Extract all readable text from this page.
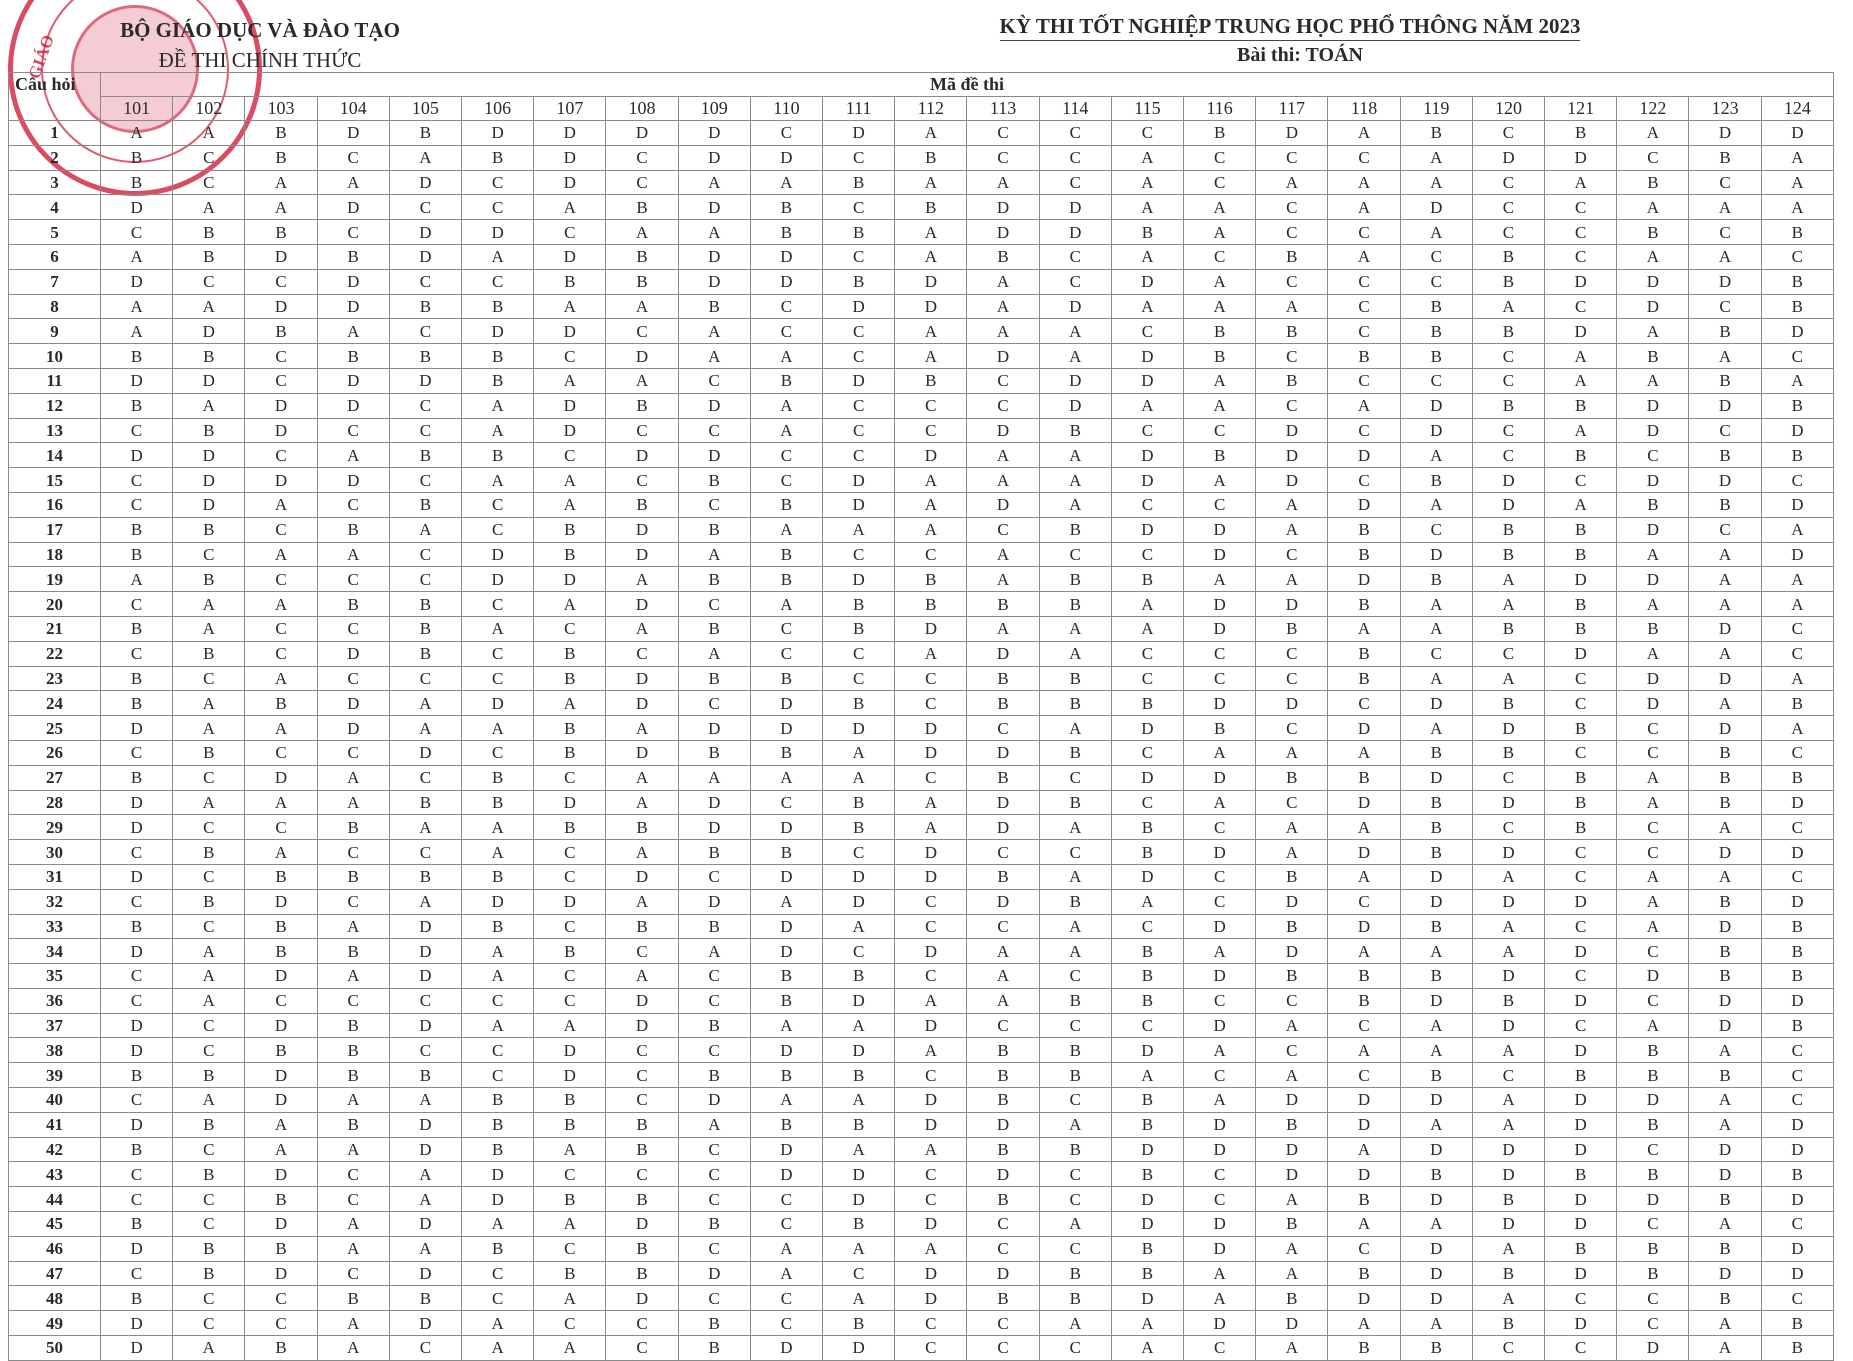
GIÁO
BỘ GIÁO DỤC VÀ ĐÀO TẠO
ĐỀ THI CHÍNH THỨC
KỲ THI TỐT NGHIỆP TRUNG HỌC PHỔ THÔNG NĂM 2023
Bài thi: TOÁN
Câu hỏi	Mã đề thi																							
	101	102	103	104	105	106	107	108	109	110	111	112	113	114	115	116	117	118	119	120	121	122	123	124
1	A	A	B	D	B	D	D	D	D	C	D	A	C	C	C	B	D	A	B	C	B	A	D	D
2	B	C	B	C	A	B	D	C	D	D	C	B	C	C	A	C	C	C	A	D	D	C	B	A
3	B	C	A	A	D	C	D	C	A	A	B	A	A	C	A	C	A	A	A	C	A	B	C	A
4	D	A	A	D	C	C	A	B	D	B	C	B	D	D	A	A	C	A	D	C	C	A	A	A
5	C	B	B	C	D	D	C	A	A	B	B	A	D	D	B	A	C	C	A	C	C	B	C	B
6	A	B	D	B	D	A	D	B	D	D	C	A	B	C	A	C	B	A	C	B	C	A	A	C
7	D	C	C	D	C	C	B	B	D	D	B	D	A	C	D	A	C	C	C	B	D	D	D	B
8	A	A	D	D	B	B	A	A	B	C	D	D	A	D	A	A	A	C	B	A	C	D	C	B
9	A	D	B	A	C	D	D	C	A	C	C	A	A	A	C	B	B	C	B	B	D	A	B	D
10	B	B	C	B	B	B	C	D	A	A	C	A	D	A	D	B	C	B	B	C	A	B	A	C
11	D	D	C	D	D	B	A	A	C	B	D	B	C	D	D	A	B	C	C	C	A	A	B	A
12	B	A	D	D	C	A	D	B	D	A	C	C	C	D	A	A	C	A	D	B	B	D	D	B
13	C	B	D	C	C	A	D	C	C	A	C	C	D	B	C	C	D	C	D	C	A	D	C	D
14	D	D	C	A	B	B	C	D	D	C	C	D	A	A	D	B	D	D	A	C	B	C	B	B
15	C	D	D	D	C	A	A	C	B	C	D	A	A	A	D	A	D	C	B	D	C	D	D	C
16	C	D	A	C	B	C	A	B	C	B	D	A	D	A	C	C	A	D	A	D	A	B	B	D
17	B	B	C	B	A	C	B	D	B	A	A	A	C	B	D	D	A	B	C	B	B	D	C	A
18	B	C	A	A	C	D	B	D	A	B	C	C	A	C	C	D	C	B	D	B	B	A	A	D
19	A	B	C	C	C	D	D	A	B	B	D	B	A	B	B	A	A	D	B	A	D	D	A	A
20	C	A	A	B	B	C	A	D	C	A	B	B	B	B	A	D	D	B	A	A	B	A	A	A
21	B	A	C	C	B	A	C	A	B	C	B	D	A	A	A	D	B	A	A	B	B	B	D	C
22	C	B	C	D	B	C	B	C	A	C	C	A	D	A	C	C	C	B	C	C	D	A	A	C
23	B	C	A	C	C	C	B	D	B	B	C	C	B	B	C	C	C	B	A	A	C	D	D	A
24	B	A	B	D	A	D	A	D	C	D	B	C	B	B	B	D	D	C	D	B	C	D	A	B
25	D	A	A	D	A	A	B	A	D	D	D	D	C	A	D	B	C	D	A	D	B	C	D	A
26	C	B	C	C	D	C	B	D	B	B	A	D	D	B	C	A	A	A	B	B	C	C	B	C
27	B	C	D	A	C	B	C	A	A	A	A	C	B	C	D	D	B	B	D	C	B	A	B	B
28	D	A	A	A	B	B	D	A	D	C	B	A	D	B	C	A	C	D	B	D	B	A	B	D
29	D	C	C	B	A	A	B	B	D	D	B	A	D	A	B	C	A	A	B	C	B	C	A	C
30	C	B	A	C	C	A	C	A	B	B	C	D	C	C	B	D	A	D	B	D	C	C	D	D
31	D	C	B	B	B	B	C	D	C	D	D	D	B	A	D	C	B	A	D	A	C	A	A	C
32	C	B	D	C	A	D	D	A	D	A	D	C	D	B	A	C	D	C	D	D	D	A	B	D
33	B	C	B	A	D	B	C	B	B	D	A	C	C	A	C	D	B	D	B	A	C	A	D	B
34	D	A	B	B	D	A	B	C	A	D	C	D	A	A	B	A	D	A	A	A	D	C	B	B
35	C	A	D	A	D	A	C	A	C	B	B	C	A	C	B	D	B	B	B	D	C	D	B	B
36	C	A	C	C	C	C	C	D	C	B	D	A	A	B	B	C	C	B	D	B	D	C	D	D
37	D	C	D	B	D	A	A	D	B	A	A	D	C	C	C	D	A	C	A	D	C	A	D	B
38	D	C	B	B	C	C	D	C	C	D	D	A	B	B	D	A	C	A	A	A	D	B	A	C
39	B	B	D	B	B	C	D	C	B	B	B	C	B	B	A	C	A	C	B	C	B	B	B	C
40	C	A	D	A	A	B	B	C	D	A	A	D	B	C	B	A	D	D	D	A	D	D	A	C
41	D	B	A	B	D	B	B	B	A	B	B	D	D	A	B	D	B	D	A	A	D	B	A	D
42	B	C	A	A	D	B	A	B	C	D	A	A	B	B	D	D	D	A	D	D	D	C	D	D
43	C	B	D	C	A	D	C	C	C	D	D	C	D	C	B	C	D	D	B	D	B	B	D	B
44	C	C	B	C	A	D	B	B	C	C	D	C	B	C	D	C	A	B	D	B	D	D	B	D
45	B	C	D	A	D	A	A	D	B	C	B	D	C	A	D	D	B	A	A	D	D	C	A	C
46	D	B	B	A	A	B	C	B	C	A	A	A	C	C	B	D	A	C	D	A	B	B	B	D
47	C	B	D	C	D	C	B	B	D	A	C	D	D	B	B	A	A	B	D	B	D	B	D	D
48	B	C	C	B	B	C	A	D	C	C	A	D	B	B	D	A	B	D	D	A	C	C	B	C
49	D	C	C	A	D	A	C	C	B	C	B	C	C	A	A	D	D	A	A	B	D	C	A	B
50	D	A	B	A	C	A	A	C	B	D	D	C	C	C	A	C	A	B	B	C	C	D	A	B
